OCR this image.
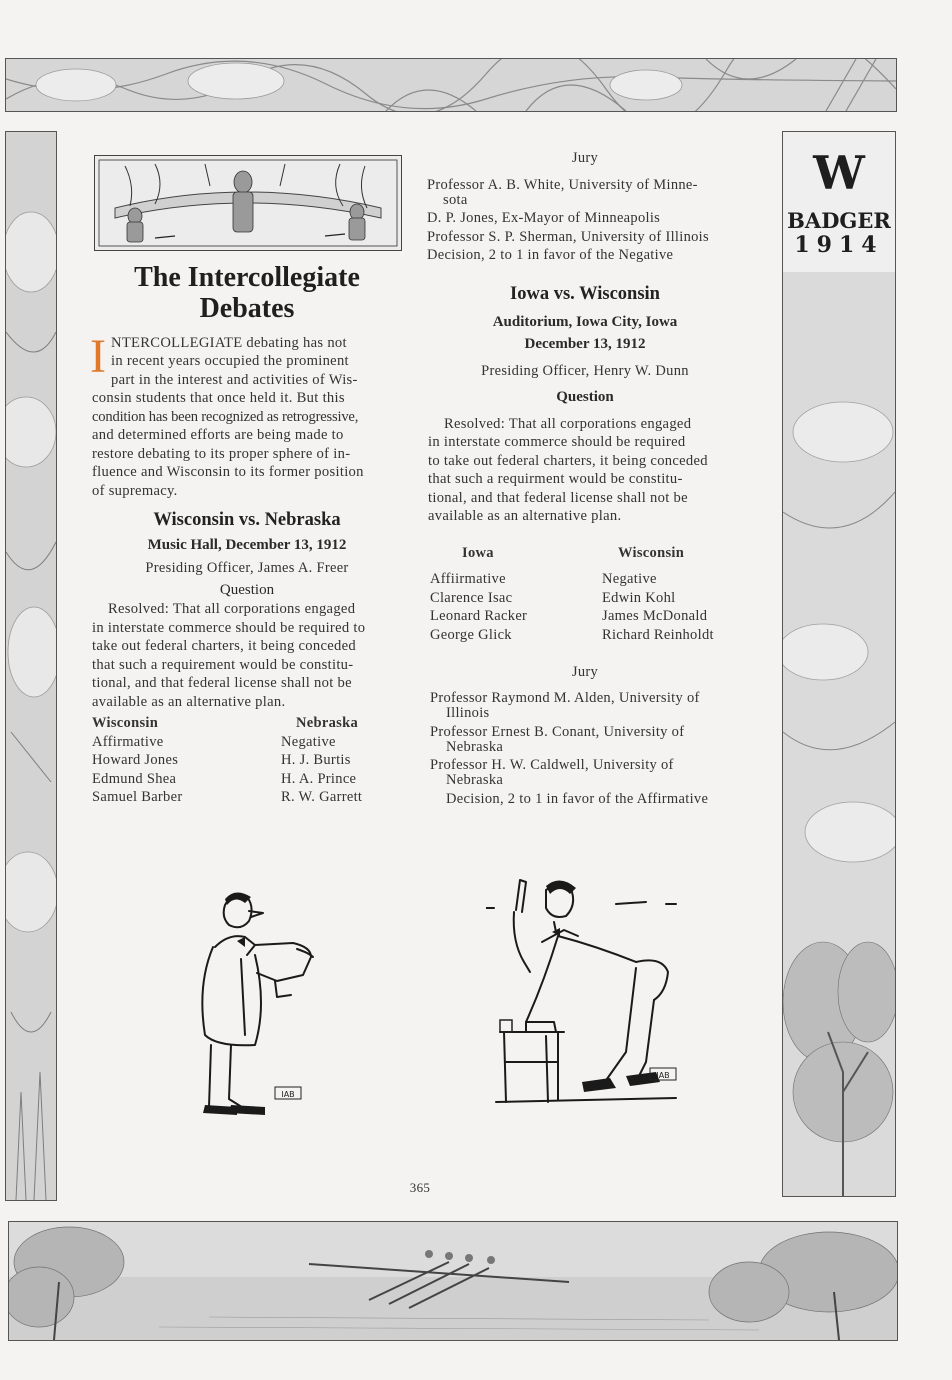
W
BADGER
1914
The Intercollegiate
Debates
I NTERCOLLEGIATE debating has not
in recent years occupied the prominent
part in the interest and activities of Wis-
consin students that once held it. But this
condition has been recognized as retrogressive,
and determined efforts are being made to
restore debating to its proper sphere of in-
fluence and Wisconsin to its former position
of supremacy.
Wisconsin vs. Nebraska
Music Hall, December 13, 1912
Presiding Officer, James A. Freer
Question
Resolved: That all corporations engaged
in interstate commerce should be required to
take out federal charters, it being conceded
that such a requirement would be constitu-
tional, and that federal license shall not be
available as an alternative plan.
Wisconsin
Affirmative
Howard Jones
Edmund Shea
Samuel Barber
Nebraska
Negative
H. J. Burtis
H. A. Prince
R. W. Garrett
Jury
Professor A. B. White, University of Minne-
sota
D. P. Jones, Ex-Mayor of Minneapolis
Professor S. P. Sherman, University of Illinois
Decision, 2 to 1 in favor of the Negative
Iowa vs. Wisconsin
Auditorium, Iowa City, Iowa
December 13, 1912
Presiding Officer, Henry W. Dunn
Question
Resolved: That all corporations engaged
in interstate commerce should be required
to take out federal charters, it being conceded
that such a requirment would be constitu-
tional, and that federal license shall not be
available as an alternative plan.
Iowa
Affiirmative
Clarence Isac
Leonard Racker
George Glick
Wisconsin
Negative
Edwin Kohl
James McDonald
Richard Reinholdt
Jury
Professor Raymond M. Alden, University of
Illinois
Professor Ernest B. Conant, University of
Nebraska
Professor H. W. Caldwell, University of
Nebraska
Decision, 2 to 1 in favor of the Affirmative
IAB
IAB
365
